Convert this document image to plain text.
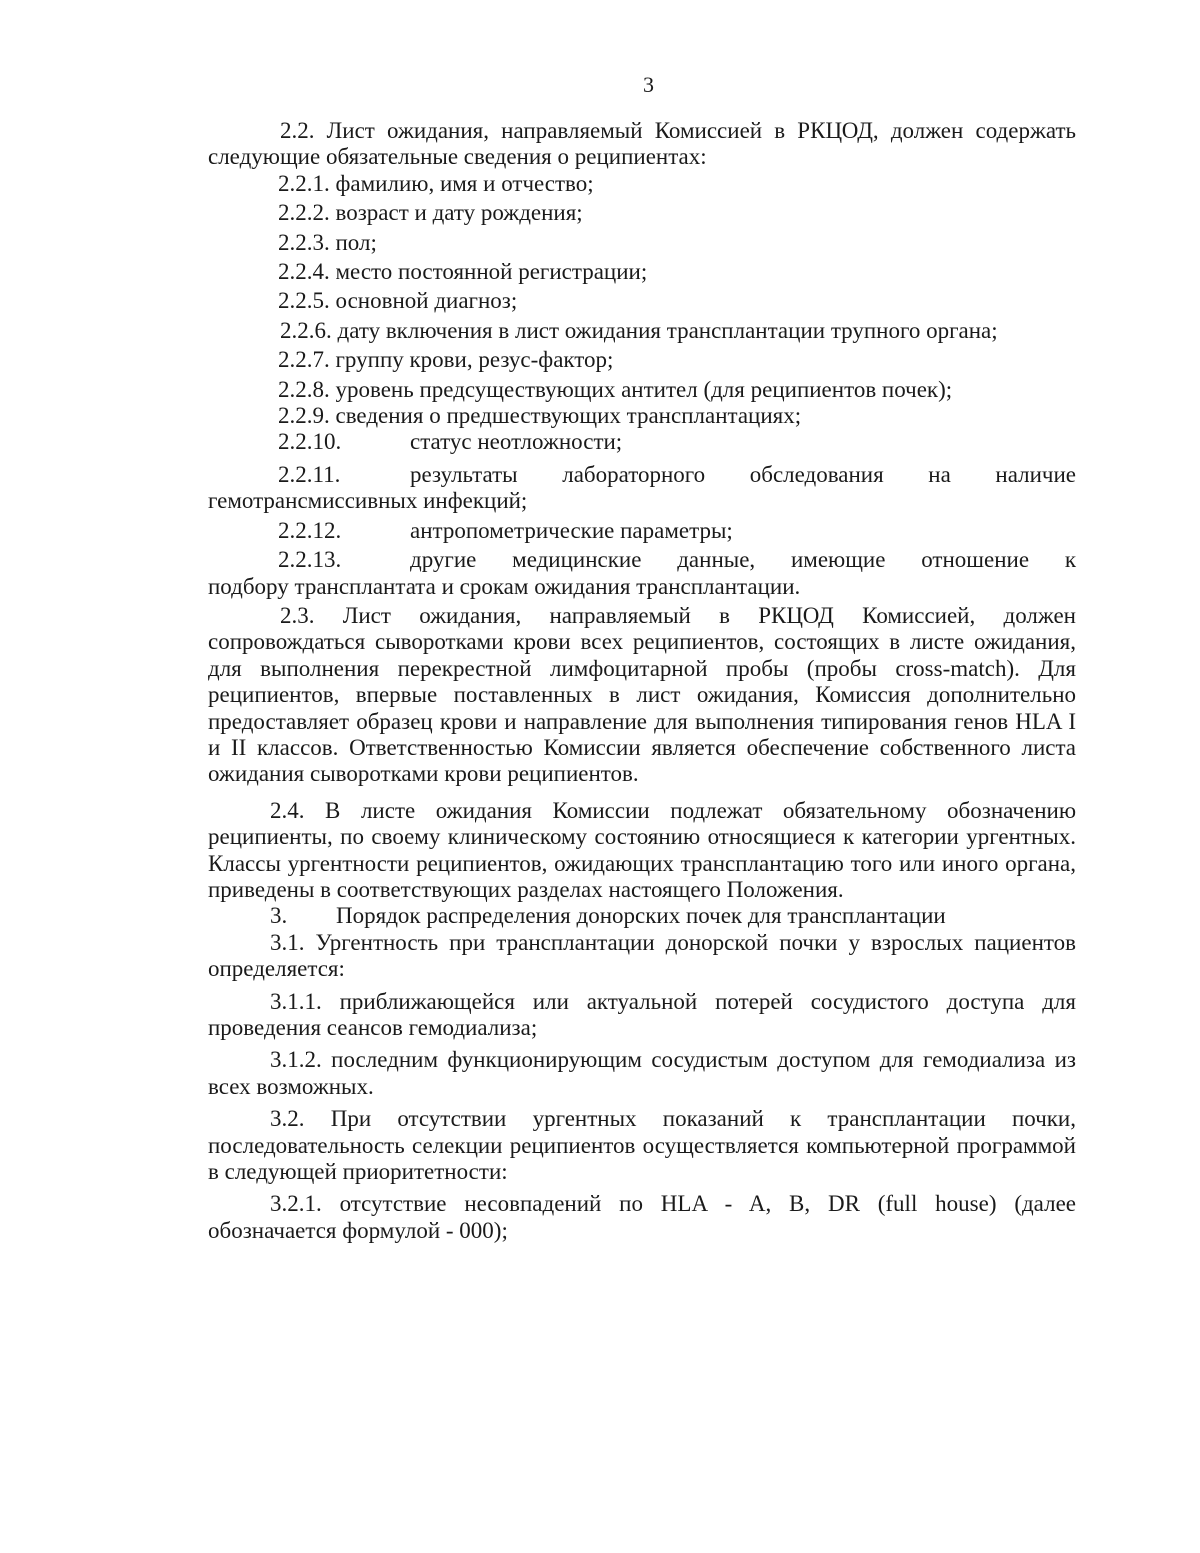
3

2.2. Лист ожидания, направляемый Комиссией в РКЦОД, должен содержать следующие обязательные сведения о реципиентах:

2.2.1. фамилию, имя и отчество;

2.2.2. возраст и дату рождения;

2.2.3. пол;

2.2.4. место постоянной регистрации;

2.2.5. основной диагноз;

2.2.6. дату включения в лист ожидания трансплантации трупного органа;

2.2.7. группу крови, резус-фактор;

2.2.8. уровень предсуществующих антител (для реципиентов почек);

2.2.9. сведения о предшествующих трансплантациях;

2.2.10.	статус неотложности;
2.2.11.	результаты лабораторного обследования на наличие
гемотрансмиссивных инфекций;
2.2.12.	антропометрические параметры;
2.2.13.	другие медицинские данные, имеющие отношение к
подбору трансплантата и срокам ожидания трансплантации.

2.3. Лист ожидания, направляемый в РКЦОД Комиссией, должен сопровождаться сыворотками крови всех реципиентов, состоящих в листе ожидания, для выполнения перекрестной лимфоцитарной пробы (пробы cross-match). Для реципиентов, впервые поставленных в лист ожидания, Комиссия дополнительно предоставляет образец крови и направление для выполнения типирования генов HLA I и II классов. Ответственностью Комиссии является обеспечение собственного листа ожидания сыворотками крови реципиентов.

2.4. В листе ожидания Комиссии подлежат обязательному обозначению реципиенты, по своему клиническому состоянию относящиеся к категории ургентных. Классы ургентности реципиентов, ожидающих трансплантацию того или иного органа, приведены в соответствующих разделах настоящего Положения.

3.	Порядок распределения донорских почек для трансплантации

3.1. Ургентность при трансплантации донорской почки у взрослых пациентов определяется:

3.1.1. приближающейся или актуальной потерей сосудистого доступа для проведения сеансов гемодиализа;

3.1.2. последним функционирующим сосудистым доступом для гемодиализа из всех возможных.

3.2. При отсутствии ургентных показаний к трансплантации почки, последовательность селекции реципиентов осуществляется компьютерной программой в следующей приоритетности:

3.2.1. отсутствие несовпадений по HLA - A, B, DR (full house) (далее обозначается формулой - 000);
